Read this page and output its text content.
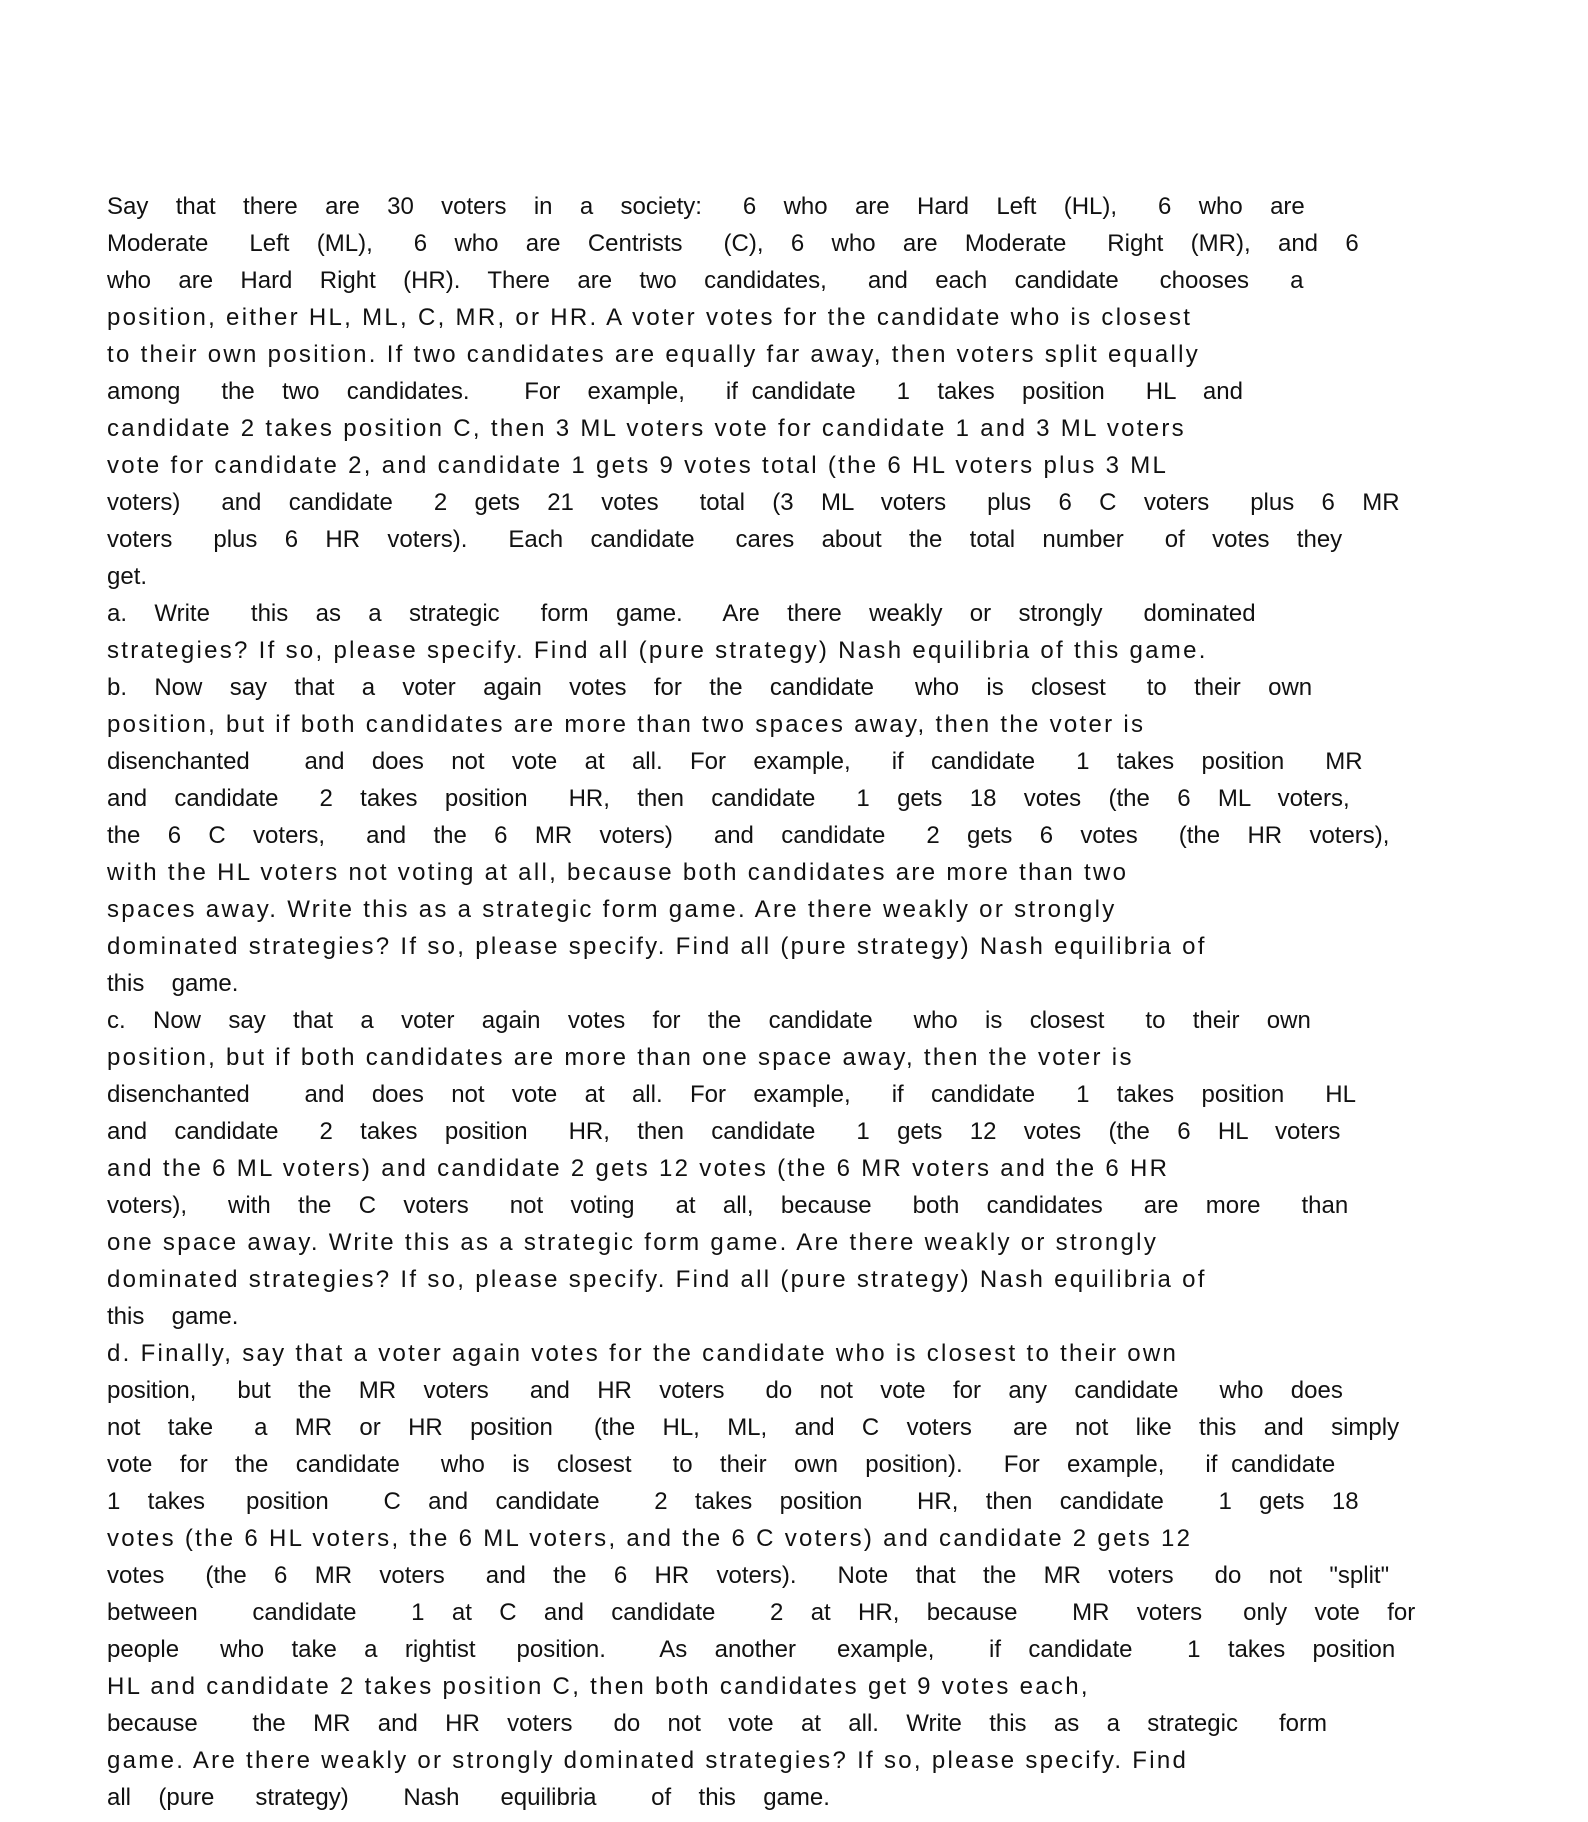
Say  that  there  are  30  voters  in  a  society:   6  who  are  Hard  Left  (HL),   6  who  are
Moderate   Left  (ML),   6  who  are  Centrists   (C),  6  who  are  Moderate   Right  (MR),  and  6
who  are  Hard  Right  (HR).  There  are  two  candidates,   and  each  candidate   chooses   a
position, either HL, ML, C, MR, or HR. A voter votes for the candidate who is closest
to their own position. If two candidates are equally far away, then voters split equally
among   the  two  candidates.    For  example,   if candidate   1  takes  position   HL  and
candidate 2 takes position C, then 3 ML voters vote for candidate 1 and 3 ML voters
vote for candidate 2, and candidate 1 gets 9 votes total (the 6 HL voters plus 3 ML
voters)   and  candidate   2  gets  21  votes   total  (3  ML  voters   plus  6  C  voters   plus  6  MR
voters   plus  6  HR  voters).   Each  candidate   cares  about  the  total  number   of  votes  they
get.
a.  Write   this  as  a  strategic   form  game.   Are  there  weakly  or  strongly   dominated
strategies? If so, please specify. Find all (pure strategy) Nash equilibria of this game.
b.  Now  say  that  a  voter  again  votes  for  the  candidate   who  is  closest   to  their  own
position, but if both candidates are more than two spaces away, then the voter is
disenchanted    and  does  not  vote  at  all.  For  example,   if  candidate   1  takes  position   MR
and  candidate   2  takes  position   HR,  then  candidate   1  gets  18  votes  (the  6  ML  voters,
the  6  C  voters,   and  the  6  MR  voters)   and  candidate   2  gets  6  votes   (the  HR  voters),
with the HL voters not voting at all, because both candidates are more than two
spaces away. Write this as a strategic form game. Are there weakly or strongly
dominated strategies? If so, please specify. Find all (pure strategy) Nash equilibria of
this  game.
c.  Now  say  that  a  voter  again  votes  for  the  candidate   who  is  closest   to  their  own
position, but if both candidates are more than one space away, then the voter is
disenchanted    and  does  not  vote  at  all.  For  example,   if  candidate   1  takes  position   HL
and  candidate   2  takes  position   HR,  then  candidate   1  gets  12  votes  (the  6  HL  voters
and the 6 ML voters) and candidate 2 gets 12 votes (the 6 MR voters and the 6 HR
voters),   with  the  C  voters   not  voting   at  all,  because   both  candidates   are  more   than
one space away. Write this as a strategic form game. Are there weakly or strongly
dominated strategies? If so, please specify. Find all (pure strategy) Nash equilibria of
this  game.
d. Finally, say that a voter again votes for the candidate who is closest to their own
position,   but  the  MR  voters   and  HR  voters   do  not  vote  for  any  candidate   who  does
not  take   a  MR  or  HR  position   (the  HL,  ML,  and  C  voters   are  not  like  this  and  simply
vote  for  the  candidate   who  is  closest   to  their  own  position).   For  example,   if candidate
1  takes   position    C  and  candidate    2  takes  position    HR,  then  candidate    1  gets  18
votes (the 6 HL voters, the 6 ML voters, and the 6 C voters) and candidate 2 gets 12
votes   (the  6  MR  voters   and  the  6  HR  voters).   Note  that  the  MR  voters   do  not  "split"
between    candidate    1  at  C  and  candidate    2  at  HR,  because    MR  voters   only  vote  for
people   who  take  a  rightist   position.    As  another   example,    if  candidate    1  takes  position
HL and candidate 2 takes position C, then both candidates get 9 votes each,
because    the  MR  and  HR  voters   do  not  vote  at  all.  Write  this  as  a  strategic   form
game. Are there weakly or strongly dominated strategies? If so, please specify. Find
all  (pure   strategy)    Nash   equilibria    of  this  game.
